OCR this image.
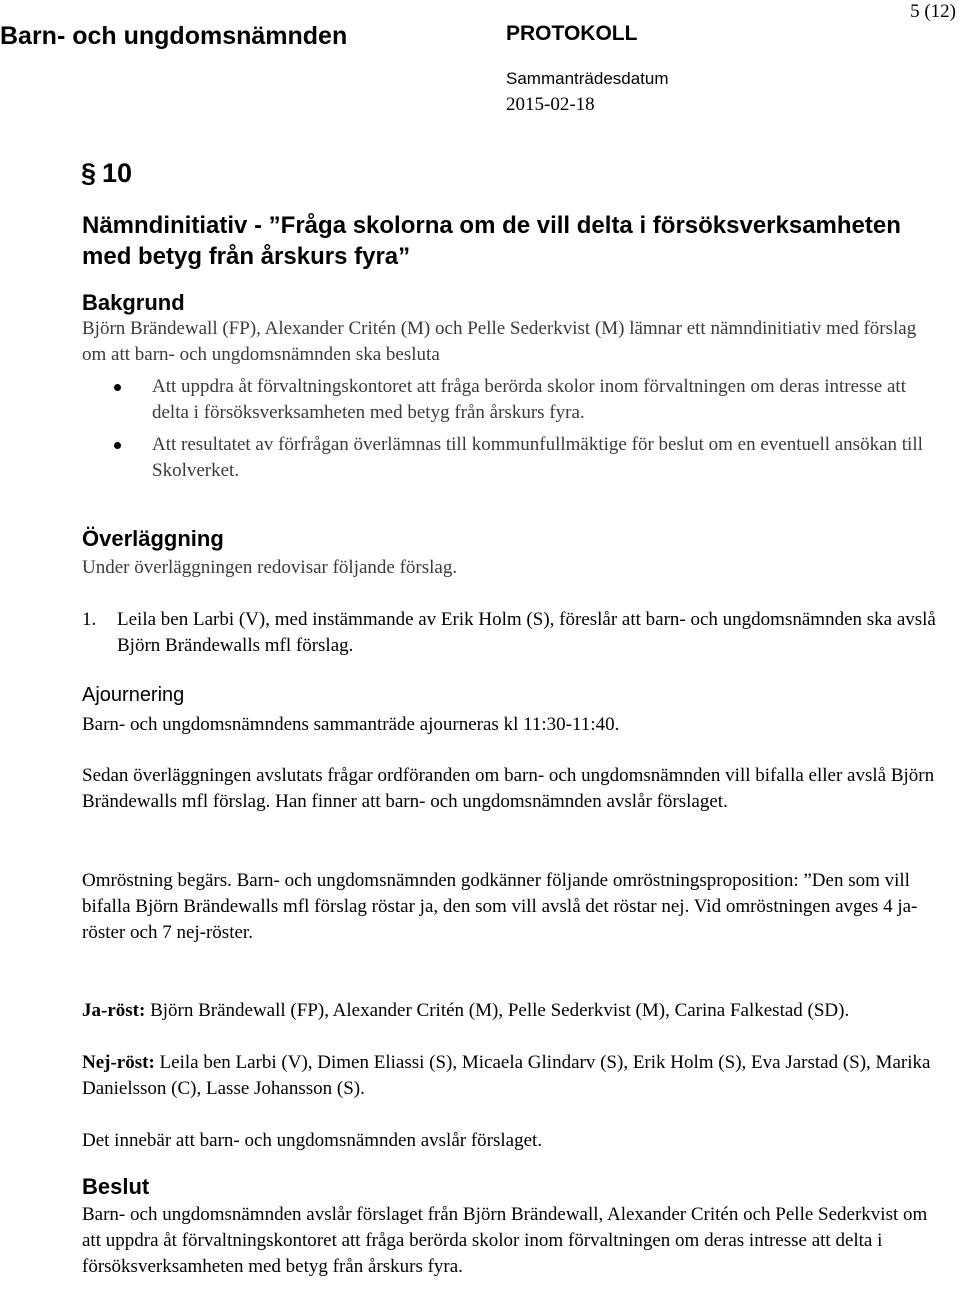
Barn- och ungdomsnämnden	PROTOKOLL
Sammanträdesdatum
2015-02-18
5 (12)
§ 10
Nämndinitiativ - ”Fråga skolorna om de vill delta i försöksverksamheten med betyg från årskurs fyra”
Bakgrund
Björn Brändewall (FP), Alexander Critén (M) och Pelle Sederkvist (M) lämnar ett nämndinitiativ med förslag om att barn- och ungdomsnämnden ska besluta
Att uppdra åt förvaltningskontoret att fråga berörda skolor inom förvaltningen om deras intresse att delta i försöksverksamheten med betyg från årskurs fyra.
Att resultatet av förfrågan överlämnas till kommunfullmäktige för beslut om en eventuell ansökan till Skolverket.
Överläggning
Under överläggningen redovisar följande förslag.
1.	Leila ben Larbi (V), med instämmande av Erik Holm (S), föreslår att barn- och ungdomsnämnden ska avslå Björn Brändewalls mfl förslag.
Ajournering
Barn- och ungdomsnämndens sammanträde ajourneras kl 11:30-11:40.
Sedan överläggningen avslutats frågar ordföranden om barn- och ungdomsnämnden vill bifalla eller avslå Björn Brändewalls mfl förslag. Han finner att barn- och ungdomsnämnden avslår förslaget.
Omröstning begärs. Barn- och ungdomsnämnden godkänner följande omröstningsproposition: ”Den som vill bifalla Björn Brändewalls mfl förslag röstar ja, den som vill avslå det röstar nej. Vid omröstningen avges 4 ja-röster och 7 nej-röster.
Ja-röst: Björn Brändewall (FP), Alexander Critén (M), Pelle Sederkvist (M), Carina Falkestad (SD).
Nej-röst: Leila ben Larbi (V), Dimen Eliassi (S), Micaela Glindarv (S), Erik Holm (S), Eva Jarstad (S), Marika Danielsson (C), Lasse Johansson (S).
Det innebär att barn- och ungdomsnämnden avslår förslaget.
Beslut
Barn- och ungdomsnämnden avslår förslaget från Björn Brändewall, Alexander Critén och Pelle Sederkvist om att uppdra åt förvaltningskontoret att fråga berörda skolor inom förvaltningen om deras intresse att delta i försöksverksamheten med betyg från årskurs fyra.
